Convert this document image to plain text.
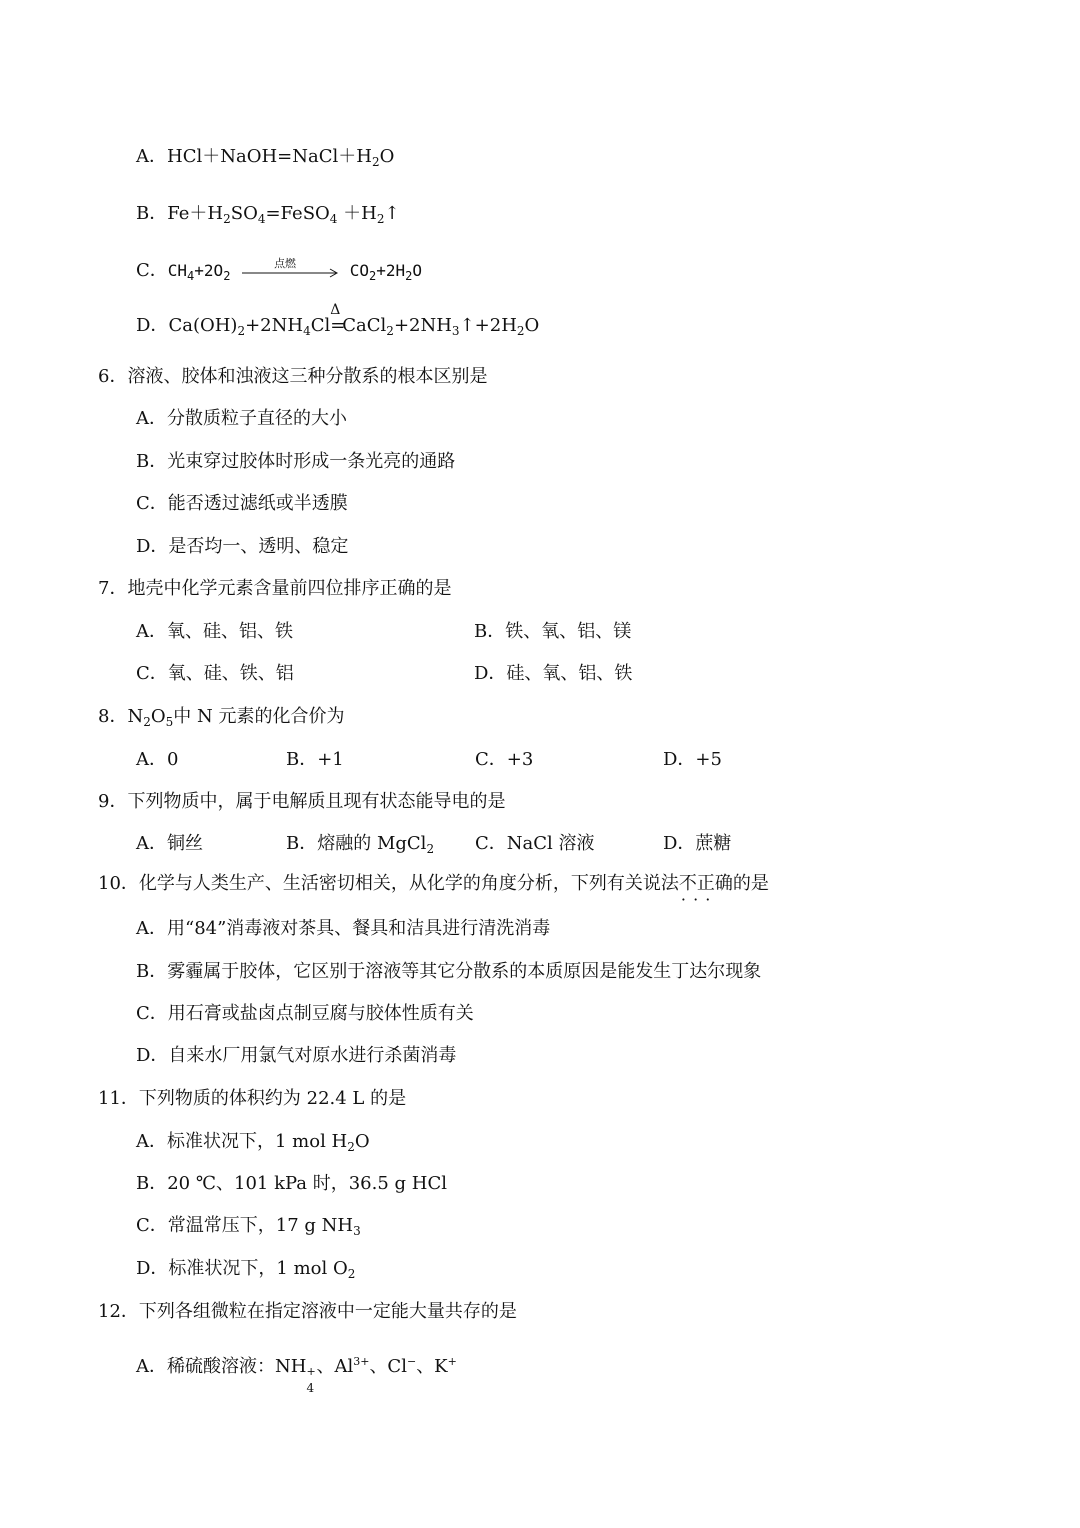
A．$HCl+NaOH=NaCl+H_2O$
B．$Fe+H_2SO_4=FeSO_4$ $+H_2↑$
C．$CH_4+2O_2$
点燃	$CO_2+2H_2O$
D．$Ca(OH)_2+2NH_4Cl$
Δ
$=CaCl_2+2NH_3↑+2H_2O$
6．溶液、胶体和浊液这三种分散系的根本区别是
A．分散质粒子直径的大小
B．光束穿过胶体时形成一条光亮的通路
C．能否透过滤纸或半透膜
D．是否均一、透明、稳定
7．地壳中化学元素含量前四位排序正确的是
A．氧、硅、铝、铁	B．铁、氧、铝、镁
C．氧、硅、铁、铝	D．硅、氧、铝、铁
8．$N_2O_5$中 N 元素的化合价为
A．0	B．+1	C．+3	D．+5
9．下列物质中，属于电解质且现有状态能导电的是
A．铜丝	B．熔融的 MgCl$_2$ C．NaCl 溶液	D．蔗糖
10．化学与人类生产、生活密切相关，从化学的角度分析，下列有关说法不正确 · · ·的是
A．用“84”消毒液对茶具、餐具和洁具进行清洗消毒
B．雾霾属于胶体，它区别于溶液等其它分散系的本质原因是能发生丁达尔现象
C．用石膏或盐卤点制豆腐与胶体性质有关
D．自来水厂用氯气对原水进行杀菌消毒
11．下列物质的体积约为 22.4 L 的是
A．标准状况下，1 mol $H_2O$
B．20 ℃、101 kPa 时，36.5 g HCl
C．常温常压下，17 g $NH_3$
D．标准状况下，1 mol $O_2$
12．下列各组微粒在指定溶液中一定能大量共存的是
A．稀硫酸溶液：NH +
4
、$Al^{3+}$、Cl−、K+
